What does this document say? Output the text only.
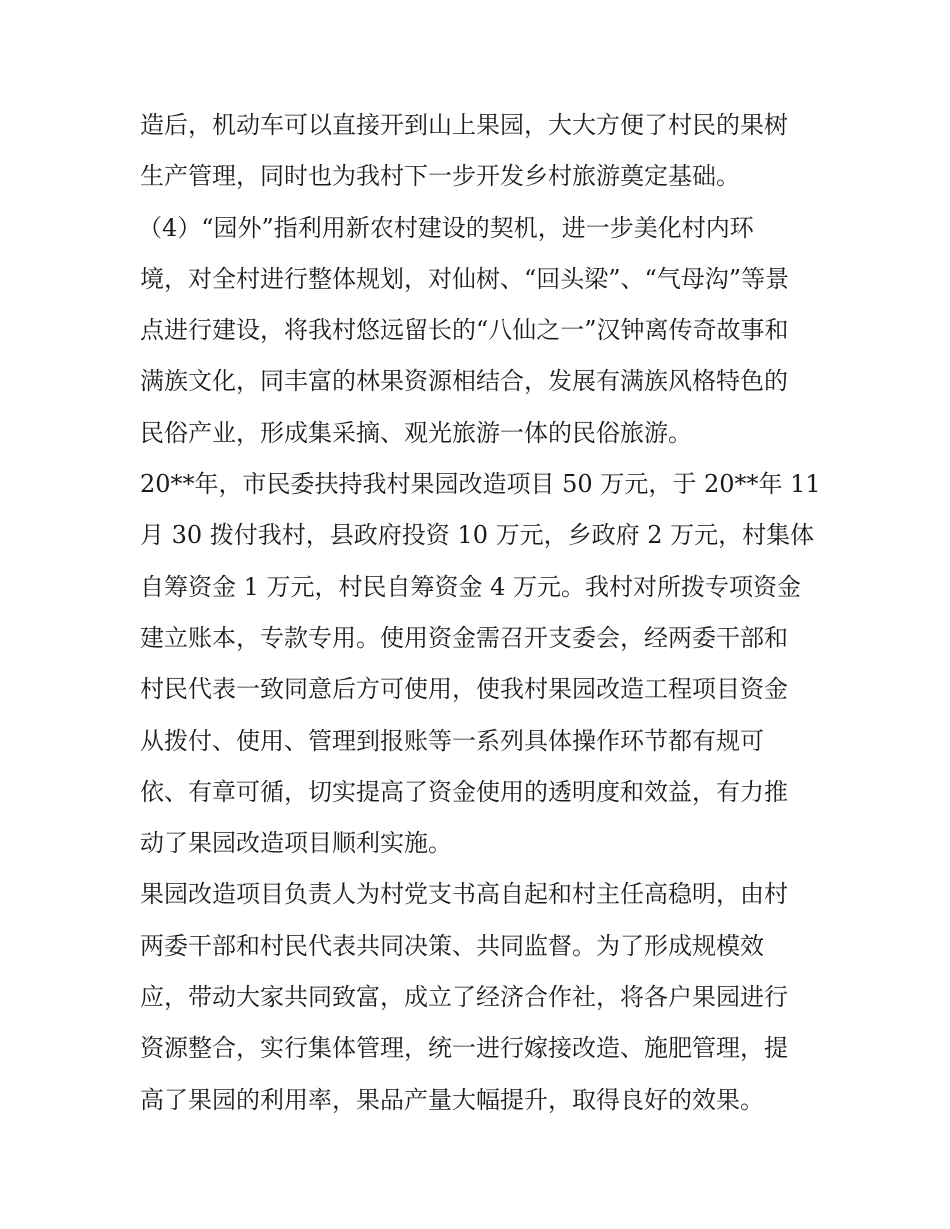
造后，机动车可以直接开到山上果园，大大方便了村民的果树
生产管理，同时也为我村下一步开发乡村旅游奠定基础。
（4）“园外”指利用新农村建设的契机，进一步美化村内环
境，对全村进行整体规划，对仙树、“回头梁”、“气母沟”等景
点进行建设，将我村悠远留长的“八仙之一”汉钟离传奇故事和
满族文化，同丰富的林果资源相结合，发展有满族风格特色的
民俗产业，形成集采摘、观光旅游一体的民俗旅游。
20**年，市民委扶持我村果园改造项目 50 万元，于 20**年 11
月 30 拨付我村，县政府投资 10 万元，乡政府 2 万元，村集体
自筹资金 1 万元，村民自筹资金 4 万元。我村对所拨专项资金
建立账本，专款专用。使用资金需召开支委会，经两委干部和
村民代表一致同意后方可使用，使我村果园改造工程项目资金
从拨付、使用、管理到报账等一系列具体操作环节都有规可
依、有章可循，切实提高了资金使用的透明度和效益，有力推
动了果园改造项目顺利实施。
果园改造项目负责人为村党支书高自起和村主任高稳明，由村
两委干部和村民代表共同决策、共同监督。为了形成规模效
应，带动大家共同致富，成立了经济合作社，将各户果园进行
资源整合，实行集体管理，统一进行嫁接改造、施肥管理，提
高了果园的利用率，果品产量大幅提升，取得良好的效果。
